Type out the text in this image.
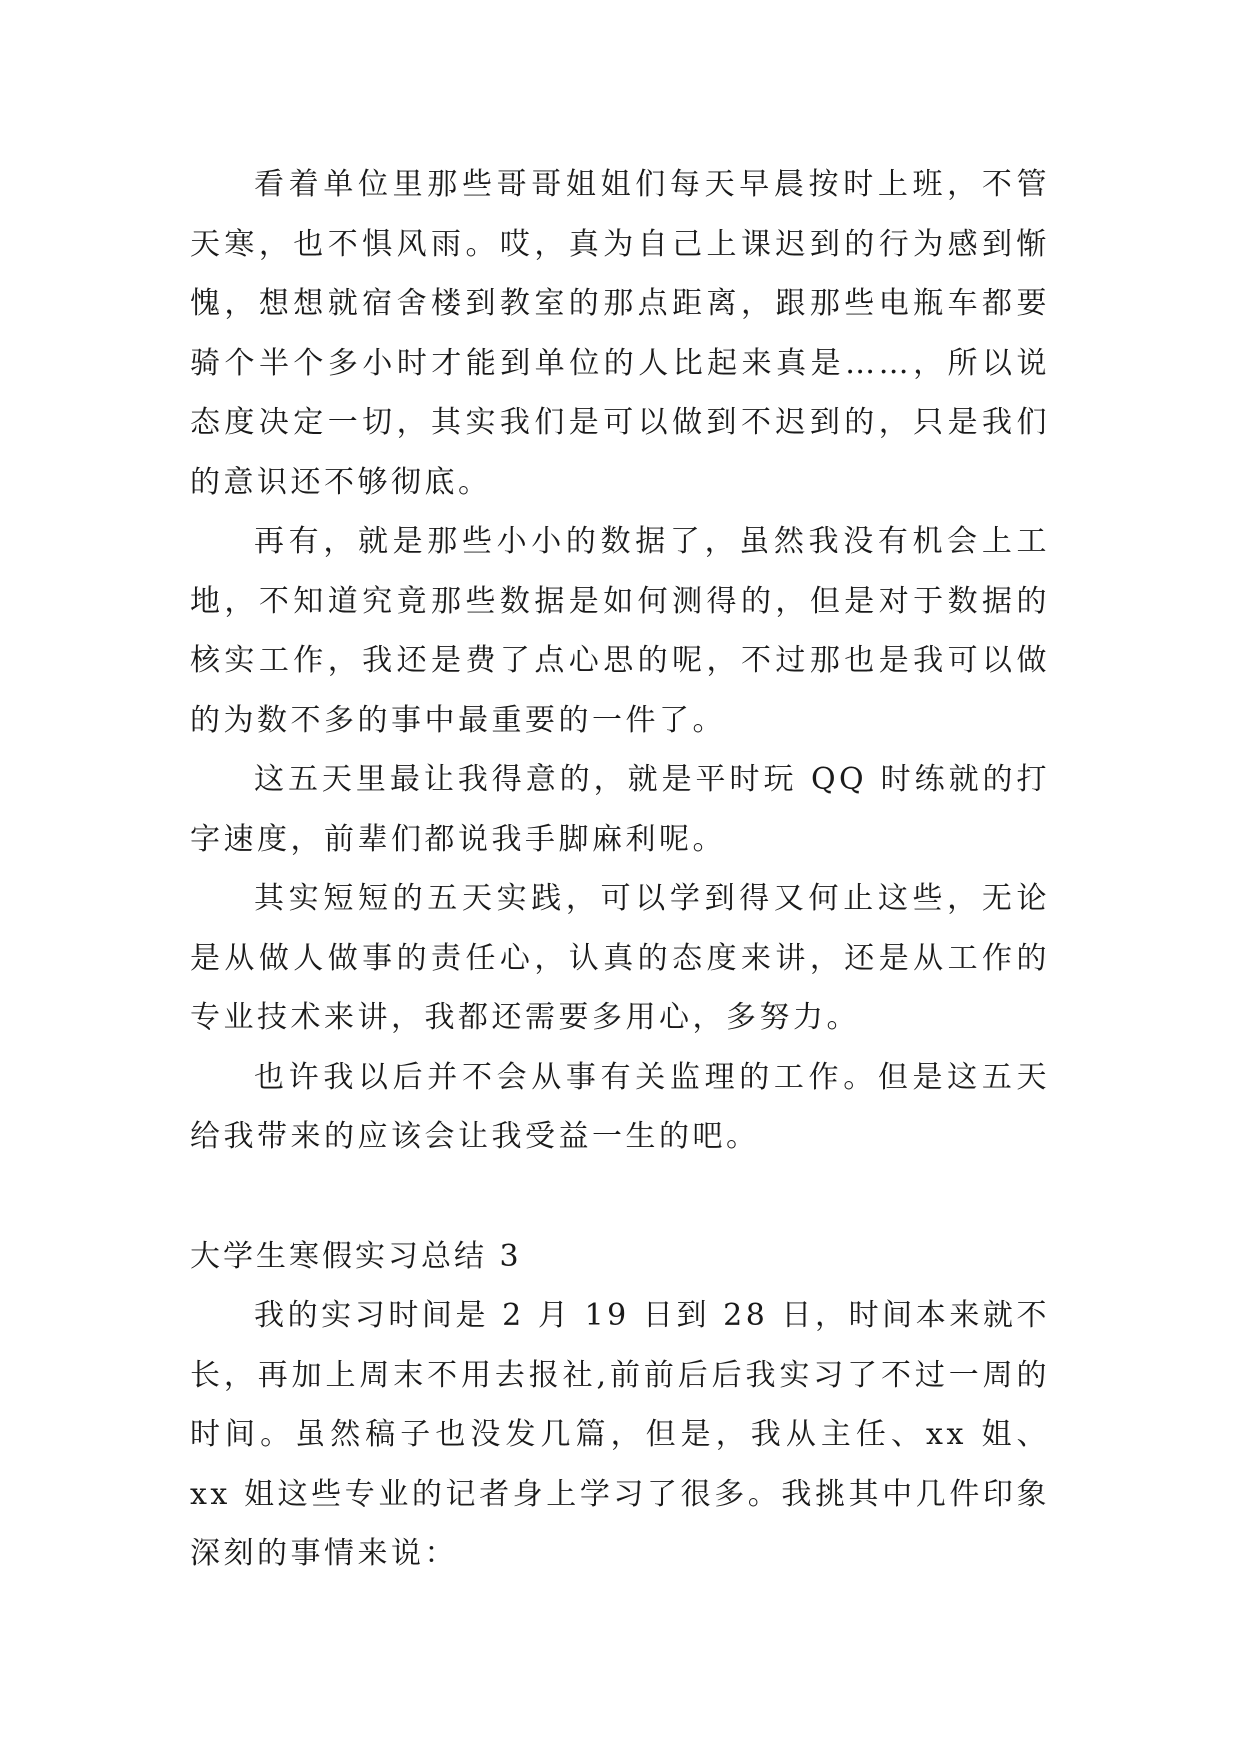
看着单位里那些哥哥姐姐们每天早晨按时上班，不管天寒，也不惧风雨。哎，真为自己上课迟到的行为感到惭愧，想想就宿舍楼到教室的那点距离，跟那些电瓶车都要骑个半个多小时才能到单位的人比起来真是……，所以说态度决定一切，其实我们是可以做到不迟到的，只是我们的意识还不够彻底。

再有，就是那些小小的数据了，虽然我没有机会上工地，不知道究竟那些数据是如何测得的，但是对于数据的核实工作，我还是费了点心思的呢，不过那也是我可以做的为数不多的事中最重要的一件了。

这五天里最让我得意的，就是平时玩 QQ 时练就的打字速度，前辈们都说我手脚麻利呢。

其实短短的五天实践，可以学到得又何止这些，无论是从做人做事的责任心，认真的态度来讲，还是从工作的专业技术来讲，我都还需要多用心，多努力。

也许我以后并不会从事有关监理的工作。但是这五天给我带来的应该会让我受益一生的吧。

大学生寒假实习总结 3

我的实习时间是 2 月 19 日到 28 日，时间本来就不长，再加上周末不用去报社,前前后后我实习了不过一周的时间。虽然稿子也没发几篇，但是，我从主任、xx 姐、xx 姐这些专业的记者身上学习了很多。我挑其中几件印象深刻的事情来说：
